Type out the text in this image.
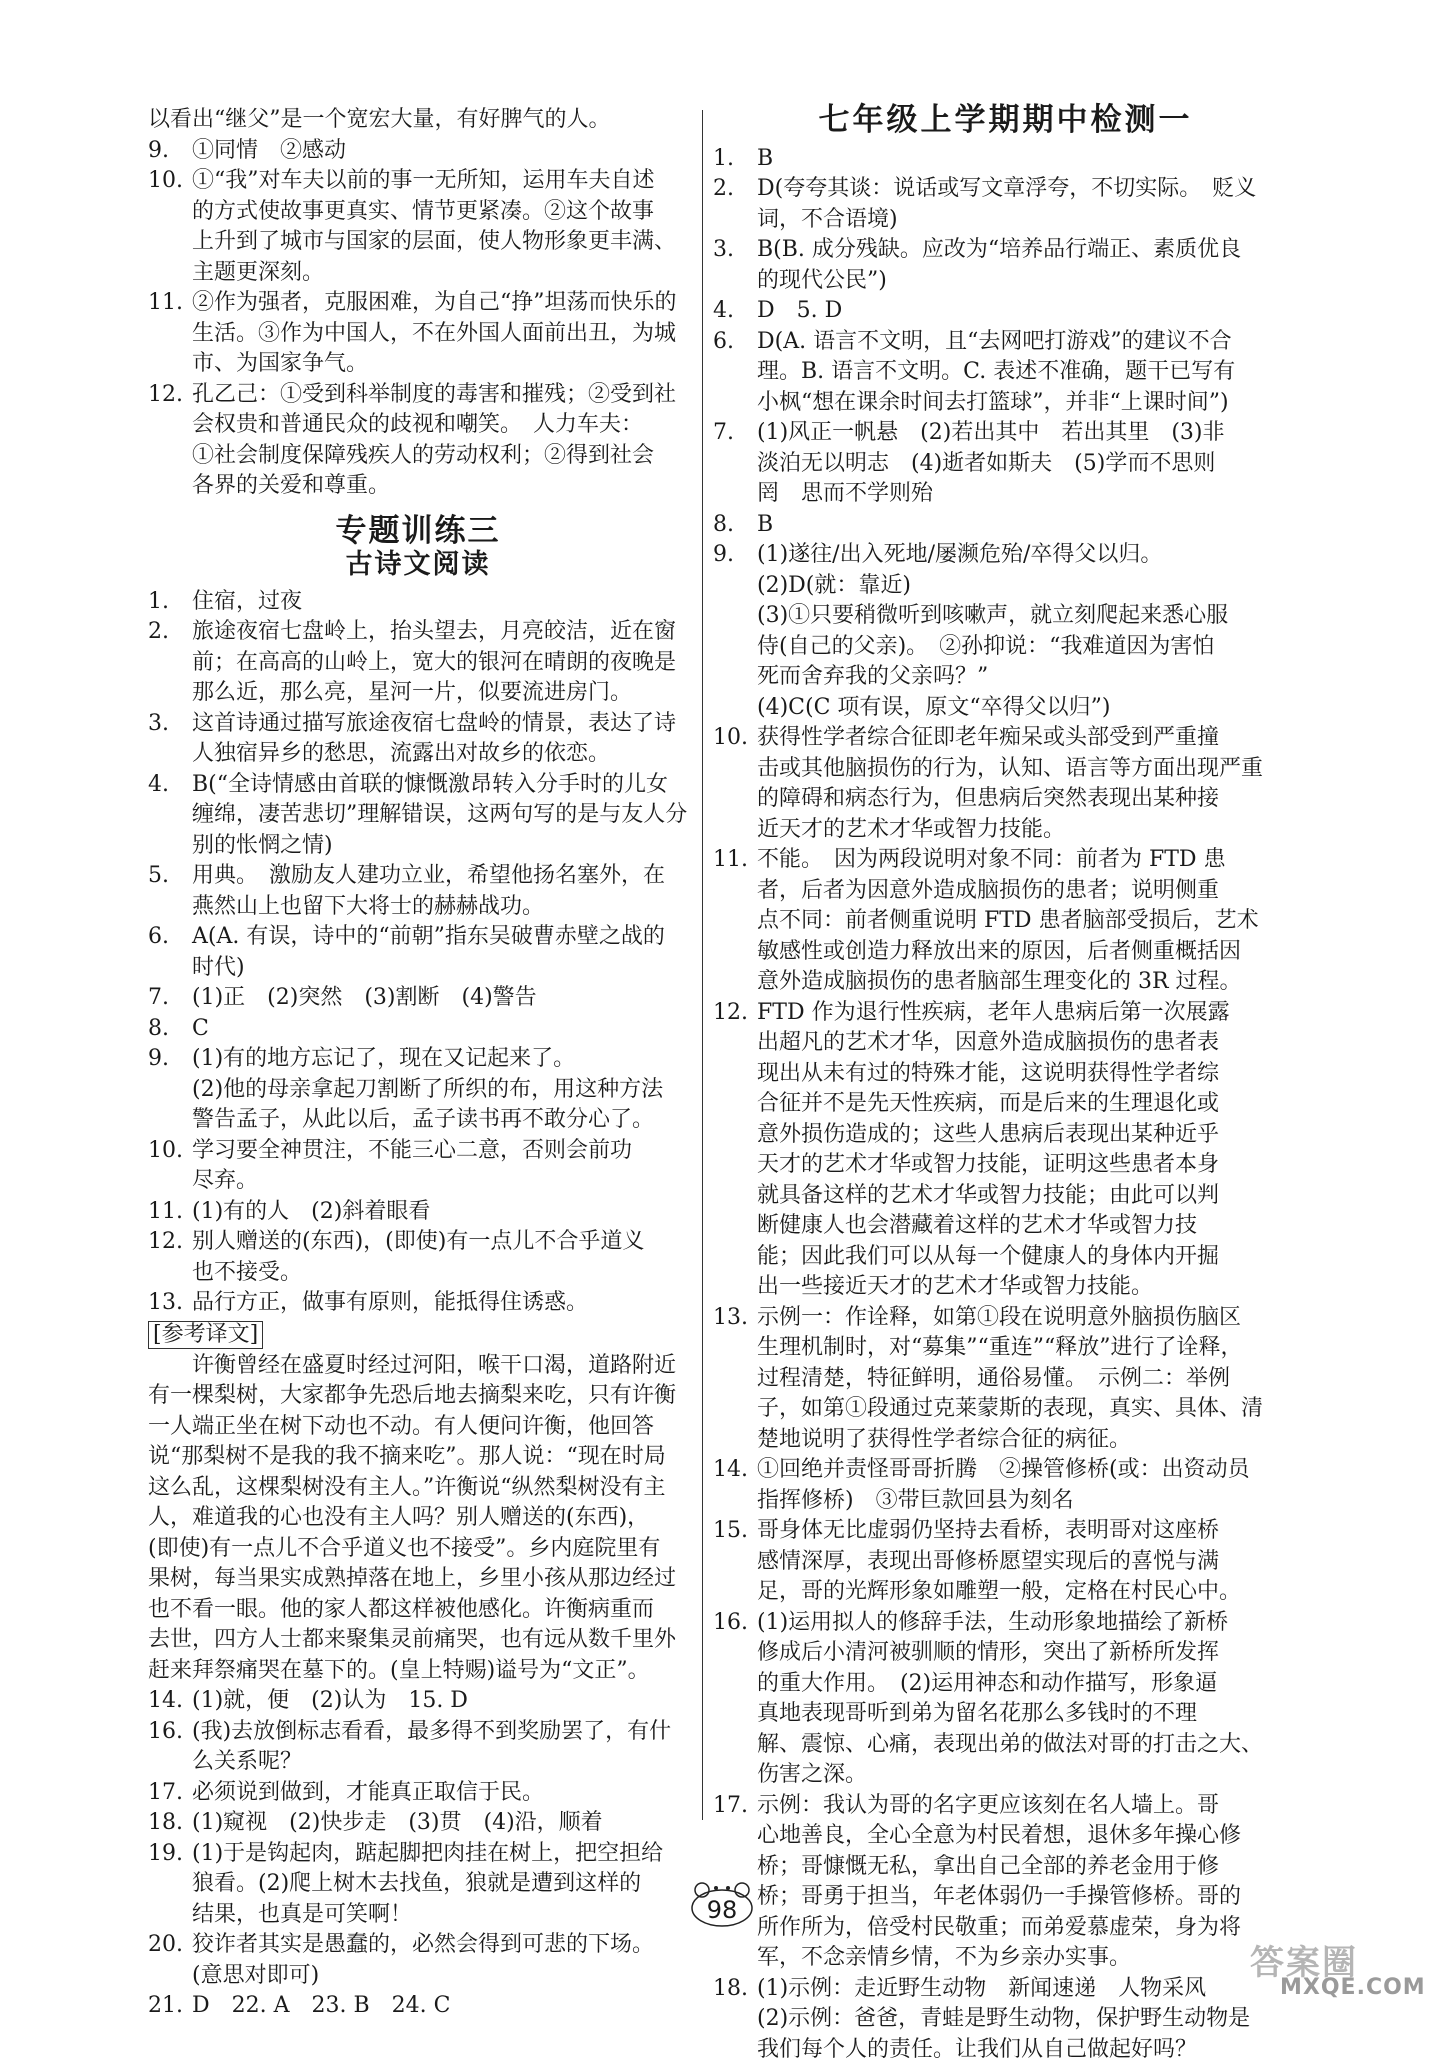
以看出“继父”是一个宽宏大量，有好脾气的人。
9.	①同情　②感动
10. ①“我”对车夫以前的事一无所知，运用车夫自述
的方式使故事更真实、情节更紧凑。②这个故事
上升到了城市与国家的层面，使人物形象更丰满、
主题更深刻。
11. ②作为强者，克服困难，为自己“挣”坦荡而快乐的
生活。③作为中国人，不在外国人面前出丑，为城
市、为国家争气。
12. 孔乙己：①受到科举制度的毒害和摧残；②受到社
会权贵和普通民众的歧视和嘲笑。　人力车夫：
①社会制度保障残疾人的劳动权利；②得到社会
各界的关爱和尊重。
专题训练三
古诗文阅读
1.	住宿，过夜
2.	旅途夜宿七盘岭上，抬头望去，月亮皎洁，近在窗
前；在高高的山岭上，宽大的银河在晴朗的夜晚是
那么近，那么亮，星河一片，似要流进房门。
3.	这首诗通过描写旅途夜宿七盘岭的情景，表达了诗
人独宿异乡的愁思，流露出对故乡的依恋。
4.	B(“全诗情感由首联的慷慨激昂转入分手时的儿女
缠绵，凄苦悲切”理解错误，这两句写的是与友人分
别的怅惘之情)
5.	用典。　激励友人建功立业，希望他扬名塞外，在
燕然山上也留下大将士的赫赫战功。
6.	A(A. 有误，诗中的“前朝”指东吴破曹赤壁之战的
时代)
7.	(1)正　(2)突然　(3)割断　(4)警告
8.	C
9.	(1)有的地方忘记了，现在又记起来了。
(2)他的母亲拿起刀割断了所织的布，用这种方法
警告孟子，从此以后，孟子读书再不敢分心了。
10. 学习要全神贯注，不能三心二意，否则会前功
尽弃。
11. (1)有的人　(2)斜着眼看
12. 别人赠送的(东西)，(即使)有一点儿不合乎道义
也不接受。
13. 品行方正，做事有原则，能抵得住诱惑。
[参考译文]
许衡曾经在盛夏时经过河阳，喉干口渴，道路附近
有一棵梨树，大家都争先恐后地去摘梨来吃，只有许衡
一人端正坐在树下动也不动。有人便问许衡，他回答
说“那梨树不是我的我不摘来吃”。那人说：“现在时局
这么乱，这棵梨树没有主人。”许衡说“纵然梨树没有主
人，难道我的心也没有主人吗？别人赠送的(东西)，
(即使)有一点儿不合乎道义也不接受”。乡内庭院里有
果树，每当果实成熟掉落在地上，乡里小孩从那边经过
也不看一眼。他的家人都这样被他感化。许衡病重而
去世，四方人士都来聚集灵前痛哭，也有远从数千里外
赶来拜祭痛哭在墓下的。(皇上特赐)谥号为“文正”。
14. (1)就，便　(2)认为　15. D
16. (我)去放倒标志看看，最多得不到奖励罢了，有什
么关系呢？
17. 必须说到做到，才能真正取信于民。
18. (1)窥视　(2)快步走　(3)贯　(4)沿，顺着
19. (1)于是钩起肉，踮起脚把肉挂在树上，把空担给
狼看。(2)爬上树木去找鱼，狼就是遭到这样的
结果，也真是可笑啊！
20. 狡诈者其实是愚蠢的，必然会得到可悲的下场。
(意思对即可)
21. D　22. A　23. B　24. C
七年级上学期期中检测一
1.	B
2.	D(夸夸其谈：说话或写文章浮夸，不切实际。　贬义
词，不合语境)
3.	B(B. 成分残缺。应改为“培养品行端正、素质优良
的现代公民”)
4.	D　5. D
6.	D(A. 语言不文明，且“去网吧打游戏”的建议不合
理。B. 语言不文明。C. 表述不准确，题干已写有
小枫“想在课余时间去打篮球”，并非“上课时间”)
7.	(1)风正一帆悬　(2)若出其中　若出其里　(3)非
淡泊无以明志　(4)逝者如斯夫　(5)学而不思则
罔　思而不学则殆
8.	B
9.	(1)遂往/出入死地/屡濒危殆/卒得父以归。
(2)D(就：靠近)
(3)①只要稍微听到咳嗽声，就立刻爬起来悉心服
侍(自己的父亲)。　②孙抑说：“我难道因为害怕
死而舍弃我的父亲吗？”
(4)C(C 项有误，原文“卒得父以归”)
10. 获得性学者综合征即老年痴呆或头部受到严重撞
击或其他脑损伤的行为，认知、语言等方面出现严重
的障碍和病态行为，但患病后突然表现出某种接
近天才的艺术才华或智力技能。
11. 不能。　因为两段说明对象不同：前者为 FTD 患
者，后者为因意外造成脑损伤的患者；说明侧重
点不同：前者侧重说明 FTD 患者脑部受损后，艺术
敏感性或创造力释放出来的原因，后者侧重概括因
意外造成脑损伤的患者脑部生理变化的 3R 过程。
12. FTD 作为退行性疾病，老年人患病后第一次展露
出超凡的艺术才华，因意外造成脑损伤的患者表
现出从未有过的特殊才能，这说明获得性学者综
合征并不是先天性疾病，而是后来的生理退化或
意外损伤造成的；这些人患病后表现出某种近乎
天才的艺术才华或智力技能，证明这些患者本身
就具备这样的艺术才华或智力技能；由此可以判
断健康人也会潜藏着这样的艺术才华或智力技
能；因此我们可以从每一个健康人的身体内开掘
出一些接近天才的艺术才华或智力技能。
13. 示例一：作诠释，如第①段在说明意外脑损伤脑区
生理机制时，对“募集”“重连”“释放”进行了诠释，
过程清楚，特征鲜明，通俗易懂。　示例二：举例
子，如第①段通过克莱蒙斯的表现，真实、具体、清
楚地说明了获得性学者综合征的病征。
14. ①回绝并责怪哥哥折腾　②操管修桥(或：出资动员
指挥修桥)　③带巨款回县为刻名
15. 哥身体无比虚弱仍坚持去看桥，表明哥对这座桥
感情深厚，表现出哥修桥愿望实现后的喜悦与满
足，哥的光辉形象如雕塑一般，定格在村民心中。
16. (1)运用拟人的修辞手法，生动形象地描绘了新桥
修成后小清河被驯顺的情形，突出了新桥所发挥
的重大作用。　(2)运用神态和动作描写，形象逼
真地表现哥听到弟为留名花那么多钱时的不理
解、震惊、心痛，表现出弟的做法对哥的打击之大、
伤害之深。
17. 示例：我认为哥的名字更应该刻在名人墙上。哥
心地善良，全心全意为村民着想，退休多年操心修
桥；哥慷慨无私，拿出自己全部的养老金用于修
桥；哥勇于担当，年老体弱仍一手操管修桥。哥的
所作所为，倍受村民敬重；而弟爱慕虚荣，身为将
军，不念亲情乡情，不为乡亲办实事。
18. (1)示例：走近野生动物　新闻速递　人物采风
(2)示例：爸爸，青蛙是野生动物，保护野生动物是
我们每个人的责任。让我们从自己做起好吗？
98
答案圈
MXQE.COM
